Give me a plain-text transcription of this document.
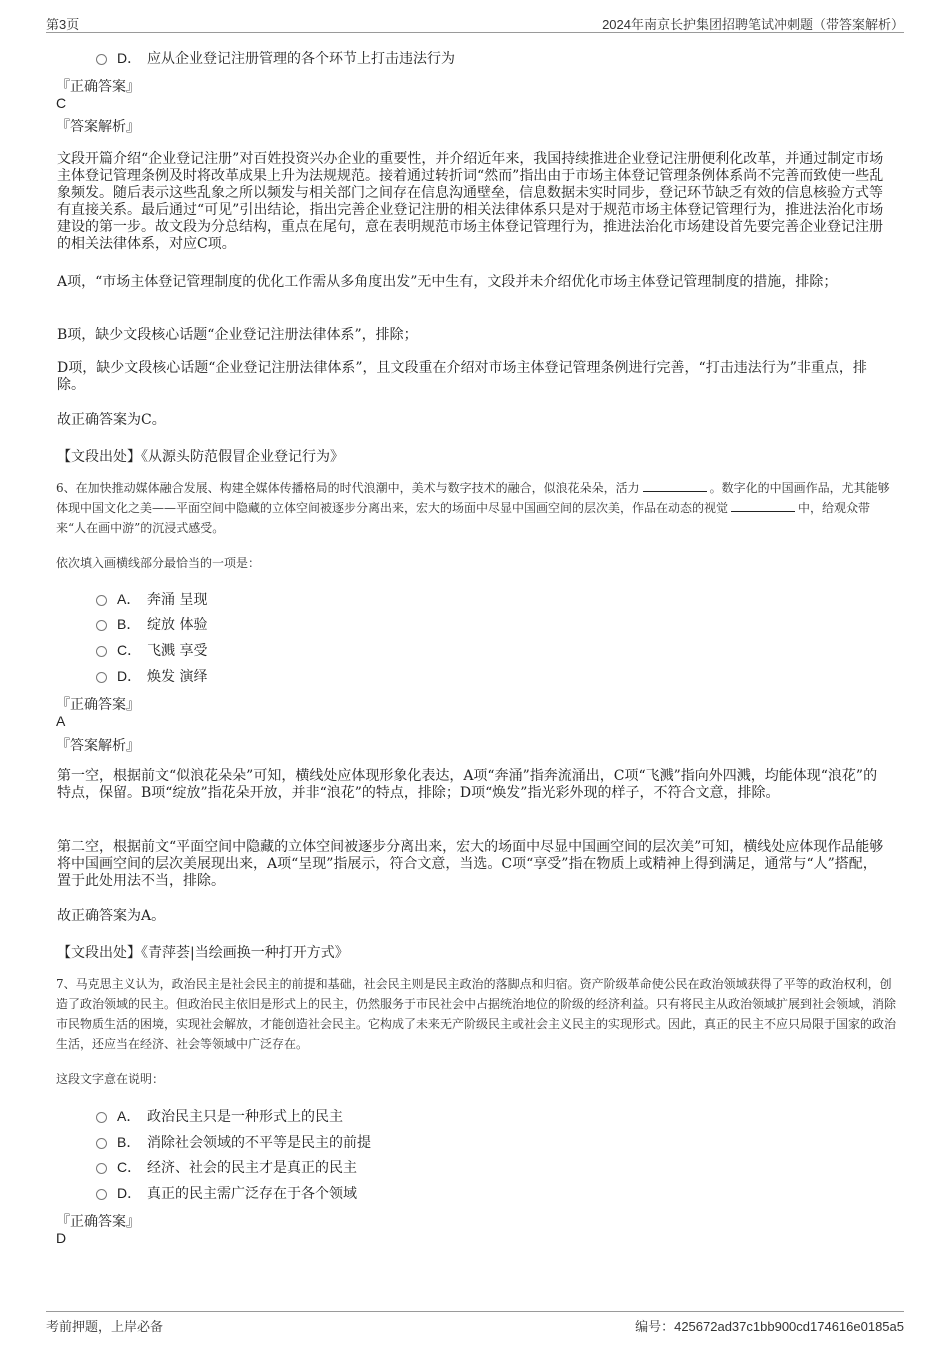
第3页	2024年南京长护集团招聘笔试冲刺题（带答案解析）
D． 应从企业登记注册管理的各个环节上打击违法行为
『正确答案』
C
『答案解析』
文段开篇介绍“企业登记注册”对百姓投资兴办企业的重要性，并介绍近年来，我国持续推进企业登记注册便利化改革，并通过制定市场主体登记管理条例及时将改革成果上升为法规规范。接着通过转折词“然而”指出由于市场主体登记管理条例体系尚不完善而致使一些乱象频发。随后表示这些乱象之所以频发与相关部门之间存在信息沟通壁垒，信息数据未实时同步，登记环节缺乏有效的信息核验方式等有直接关系。最后通过“可见”引出结论，指出完善企业登记注册的相关法律体系只是对于规范市场主体登记管理行为，推进法治化市场建设的第一步。故文段为分总结构，重点在尾句，意在表明规范市场主体登记管理行为，推进法治化市场建设首先要完善企业登记注册的相关法律体系，对应C项。
A项，“市场主体登记管理制度的优化工作需从多角度出发”无中生有，文段并未介绍优化市场主体登记管理制度的措施，排除；
B项，缺少文段核心话题“企业登记注册法律体系”，排除；
D项，缺少文段核心话题“企业登记注册法律体系”，且文段重在介绍对市场主体登记管理条例进行完善，“打击违法行为”非重点，排除。
故正确答案为C。
【文段出处】《从源头防范假冒企业登记行为》
6、在加快推动媒体融合发展、构建全媒体传播格局的时代浪潮中，美术与数字技术的融合，似浪花朵朵，活力	。数字化的中国画作品，尤其能够体现中国文化之美——平面空间中隐藏的立体空间被逐步分离出来，宏大的场面中尽显中国画空间的层次美，作品在动态的视觉	中，给观众带来“人在画中游”的沉浸式感受。
依次填入画横线部分最恰当的一项是：
A． 奔涌 呈现
B． 绽放 体验
C． 飞溅 享受
D． 焕发 演绎
『正确答案』
A
『答案解析』
第一空，根据前文“似浪花朵朵”可知，横线处应体现形象化表达，A项“奔涌”指奔流涌出，C项“飞溅”指向外四溅，均能体现“浪花”的特点，保留。B项“绽放”指花朵开放，并非“浪花”的特点，排除；D项“焕发”指光彩外现的样子，不符合文意，排除。
第二空，根据前文“平面空间中隐藏的立体空间被逐步分离出来，宏大的场面中尽显中国画空间的层次美”可知，横线处应体现作品能够将中国画空间的层次美展现出来，A项“呈现”指展示，符合文意，当选。C项“享受”指在物质上或精神上得到满足，通常与“人”搭配，置于此处用法不当，排除。
故正确答案为A。
【文段出处】《青萍荟|当绘画换一种打开方式》
7、马克思主义认为，政治民主是社会民主的前提和基础，社会民主则是民主政治的落脚点和归宿。资产阶级革命使公民在政治领域获得了平等的政治权利，创造了政治领域的民主。但政治民主依旧是形式上的民主，仍然服务于市民社会中占据统治地位的阶级的经济利益。只有将民主从政治领域扩展到社会领域，消除市民物质生活的困境，实现社会解放，才能创造社会民主。它构成了未来无产阶级民主或社会主义民主的实现形式。因此，真正的民主不应只局限于国家的政治生活，还应当在经济、社会等领域中广泛存在。
这段文字意在说明：
A． 政治民主只是一种形式上的民主
B． 消除社会领域的不平等是民主的前提
C． 经济、社会的民主才是真正的民主
D． 真正的民主需广泛存在于各个领域
『正确答案』
D
考前押题，上岸必备	编号：425672ad37c1bb900cd174616e0185a5
